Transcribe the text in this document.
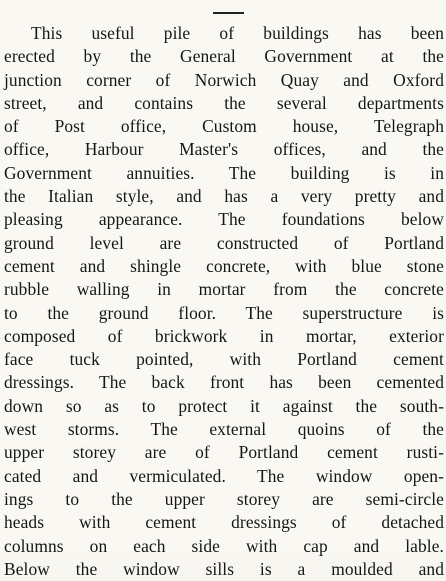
This useful pile of buildings has been
erected by the General Government at the
junction corner of Norwich Quay and Oxford
street, and contains the several departments
of Post office, Custom house, Telegraph
office, Harbour Master's offices, and the
Government annuities. The building is in
the Italian style, and has a very pretty and
pleasing appearance. The foundations below
ground level are constructed of Portland
cement and shingle concrete, with blue stone
rubble walling in mortar from the concrete
to the ground floor. The superstructure is
composed of brickwork in mortar, exterior
face tuck pointed, with Portland cement
dressings. The back front has been cemented
down so as to protect it against the south-
west storms. The external quoins of the
upper storey are of Portland cement rusti-
cated and vermiculated. The window open-
ings to the upper storey are semi-circle
heads with cement dressings of detached
columns on each side with cap and lable.
Below the window sills is a moulded and
